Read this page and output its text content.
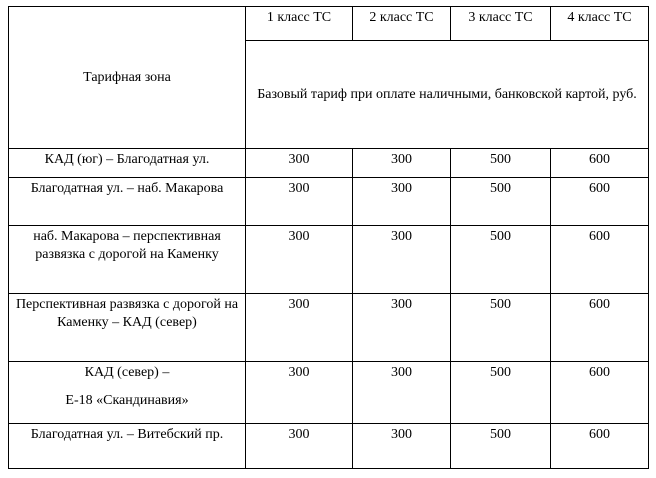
Тарифная зона	1 класс ТС	2 класс ТС	3 класс ТС	4 класс ТС
	Базовый тариф при оплате наличными, банковской картой, руб.			
КАД (юг) – Благодатная ул.	300	300	500	600
Благодатная ул. – наб. Макарова	300	300	500	600
наб. Макарова – перспективная развязка с дорогой на Каменку	300	300	500	600
Перспективная развязка с дорогой на Каменку – КАД (север)	300	300	500	600

КАД (север) –
Е-18 «Скандинавия»	300	300	500	600
Благодатная ул. – Витебский пр.	300	300	500	600
